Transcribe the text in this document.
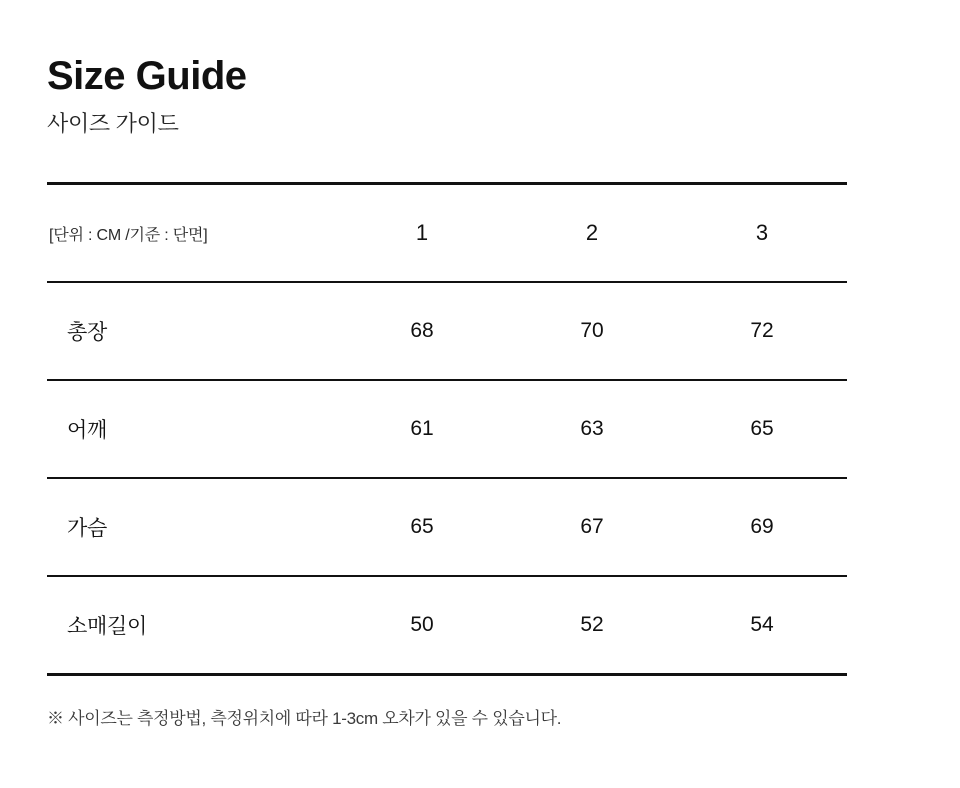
Size Guide
사이즈 가이드
[단위 : CM /기준 : 단면]	1	2	3
총장	68	70	72
어깨	61	63	65
가슴	65	67	69
소매길이	50	52	54
※ 사이즈는 측정방법, 측정위치에 따라 1-3cm 오차가 있을 수 있습니다.
